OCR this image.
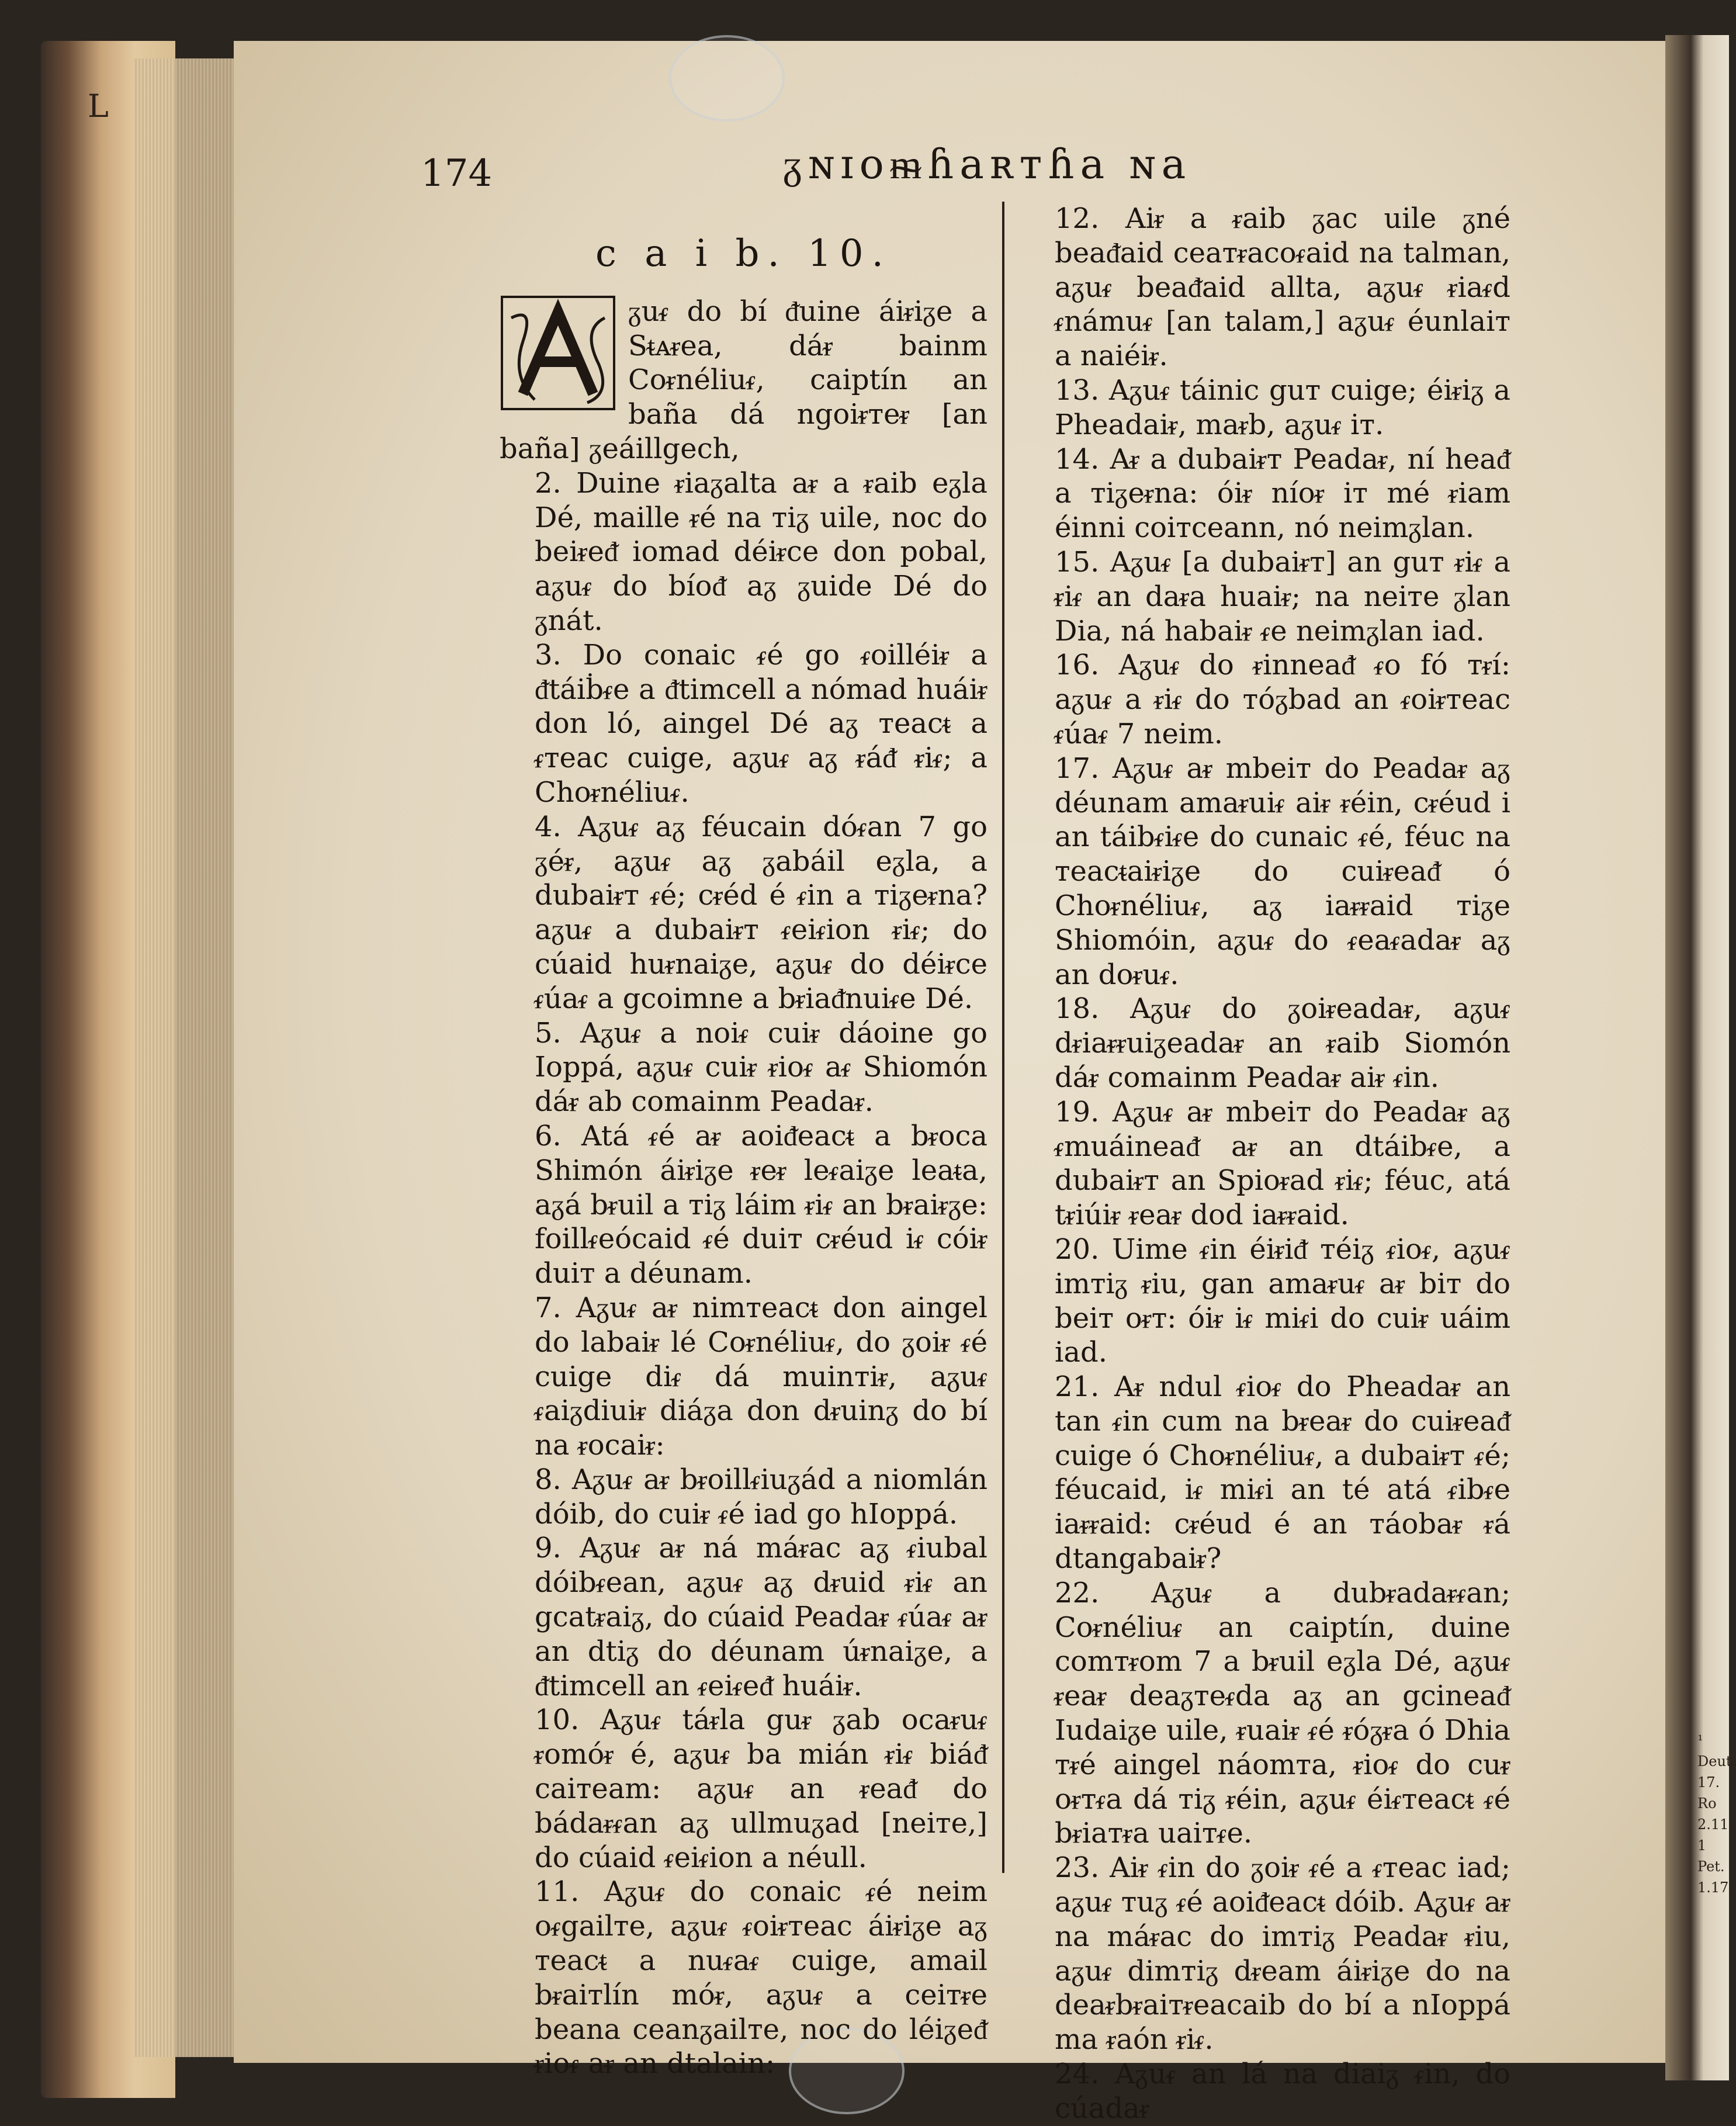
L
174	ᵹɴɪoᵯɦaʀᴛɦa ɴa
c a i b. 10.

ᵹuᵳ do bí ᵭuine áiᵲiᵹe a Sᵵᴀᵲea, dáᵲ bainm Coᵲnéliuᵳ, caiptín an baña dá ngoiᵲᴛeᵲ [an baña] ᵹeáillgech,

2. Duine ᵲiaᵹalta aᵲ a ᵲaib eᵹla Dé, maille ᵲé na ᴛiᵹ uile, noc do beiᵲeᵭ iomad déiᵲce don pobal, aᵹuᵳ do bíoᵭ aᵹ ᵹuide Dé do ᵹnát.

3. Do conaic ᵳé go ᵳoilléiᵲ a ᵭtáiḃᵳe a ᵭtimcell a nómad huáiᵲ don ló, aingel Dé aᵹ ᴛeacᵵ a ᵳᴛeac cuige, aᵹuᵳ aᵹ ᵲáᵭ ᵲiᵳ; a Choᵲnéliuᵳ.

4. Aᵹuᵳ aᵹ féucain dóᵳan 7 go ᵹéᵲ, aᵹuᵳ aᵹ ᵹabáil eᵹla, a dubaiᵲᴛ ᵳé; cᵲéd é ᵳin a ᴛiᵹeᵲna? aᵹuᵳ a dubaiᵲᴛ ᵳeiᵳion ᵲiᵳ; do cúaid huᵲnaiᵹe, aᵹuᵳ do déiᵲce ᵳúaᵳ a gcoimne a bᵲiaᵭnuiᵳe Dé.

5. Aᵹuᵳ a noiᵳ cuiᵲ dáoine go Ioppá, aᵹuᵳ cuiᵲ ᵲioᵳ aᵳ Shiomón dáᵲ ab comainm Peadaᵲ.

6. Atá ᵳé aᵲ aoiᵭeacᵵ a bᵲoca Shimón áiᵲiᵹe ᵲeᵲ leᵳaiᵹe leaᵵa, aᵹá bᵲuil a ᴛiᵹ láim ᵲiᵳ an bᵲaiᵲᵹe: foillᵳeócaid ᵳé duiᴛ cᵲéud iᵳ cóiᵲ duiᴛ a déunam.

7. Aᵹuᵳ aᵲ nimᴛeacᵵ don aingel do labaiᵲ lé Coᵲnéliuᵳ, do ᵹoiᵲ ᵳé cuige diᵳ dá muinᴛiᵲ, aᵹuᵳ ᵳaiᵹdiuiᵲ diáᵹa don dᵲuinᵹ do bí na ᵲocaiᵲ:

8. Aᵹuᵳ aᵲ bᵲoillᵳiuᵹád a niomlán dóib, do cuiᵲ ᵳé iad go hIoppá.

9. Aᵹuᵳ aᵲ ná máᵲac aᵹ ᵳiubal dóibᵳean, aᵹuᵳ aᵹ dᵲuid ᵲiᵳ an gcatᵲaiᵹ, do cúaid Peadaᵲ ᵳúaᵳ aᵲ an dtiᵹ do déunam úᵲnaiᵹe, a ᵭtimcell an ᵳeiᵳeᵭ huáiᵲ.

10. Aᵹuᵳ táᵲla guᵲ ᵹab ocaᵲuᵳ ᵲomóᵲ é, aᵹuᵳ ba mián ᵲiᵳ biáᵭ caiᴛeam: aᵹuᵳ an ᵲeaᵭ do bádaᵲᵳan aᵹ ullmuᵹad [neiᴛe,] do cúaid ᵳeiᵳion a néull.

11. Aᵹuᵳ do conaic ᵳé neim oᵳgailᴛe, aᵹuᵳ ᵳoiᵲᴛeac áiᵲiᵹe aᵹ ᴛeacᵵ a nuᵳaᵳ cuige, amail bᵲaiᴛlín móᵲ, aᵹuᵳ a ceiᴛᵲe beana ceanᵹailᴛe, noc do léiᵹeᵭ ᵲioᵳ aᵲ an dtalain:

12. Aiᵲ a ᵲaib ᵹac uile ᵹné beaᵭaid ceaᴛᵲacoᵳaid na talman, aᵹuᵳ beaᵭaid allta, aᵹuᵳ ᵲiaᵳd ᵳnámuᵳ [an talam,] aᵹuᵳ éunlaiᴛ a naiéiᵲ.

13. Aᵹuᵳ táinic guᴛ cuige; éiᵲiᵹ a Pheadaiᵲ, maᵲb, aᵹuᵳ iᴛ.

14. Aᵲ a dubaiᵲᴛ Peadaᵲ, ní heaᵭ a ᴛiᵹeᵲna: óiᵲ níoᵲ iᴛ mé ᵲiam éinni coiᴛceann, nó neimᵹlan.

15. Aᵹuᵳ [a dubaiᵲᴛ] an guᴛ ᵲiᵳ a ᵲiᵳ an daᵲa huaiᵲ; na neiᴛe ᵹlan Dia, ná habaiᵲ ᵳe neimᵹlan iad.

16. Aᵹuᵳ do ᵲinneaᵭ ᵳo fó ᴛᵲí: aᵹuᵳ a ᵲiᵳ do ᴛóᵹbad an ᵳoiᵲᴛeac ᵳúaᵳ 7 neim.

17. Aᵹuᵳ aᵲ mbeiᴛ do Peadaᵲ aᵹ déunam amaᵲuiᵳ aiᵲ ᵲéin, cᵲéud i an táibᵳiᵳe do cunaic ᵳé, féuc na ᴛeacᵵaiᵲiᵹe do cuiᵲeaᵭ ó Choᵲnéliuᵳ, aᵹ iaᵲᵲaid ᴛiᵹe Shiomóin, aᵹuᵳ do ᵳeaᵳadaᵲ aᵹ an doᵲuᵳ.

18. Aᵹuᵳ do ᵹoiᵲeadaᵲ, aᵹuᵳ dᵲiaᵲᵲuiᵹeadaᵲ an ᵲaib Siomón dáᵲ comainm Peadaᵲ aiᵲ ᵳin.

19. Aᵹuᵳ aᵲ mbeiᴛ do Peadaᵲ aᵹ ᵳmuáineaᵭ aᵲ an dtáibᵳe, a dubaiᵲᴛ an Spioᵲad ᵲiᵳ; féuc, atá tᵲiúiᵲ ᵲeaᵲ dod iaᵲᵲaid.

20. Uime ᵳin éiᵲiᵭ ᴛéiᵹ ᵳioᵳ, aᵹuᵳ imᴛiᵹ ᵲiu, gan amaᵲuᵳ aᵲ biᴛ do beiᴛ oᵲᴛ: óiᵲ iᵳ miᵳi do cuiᵲ uáim iad.

21. Aᵲ ndul ᵳioᵳ do Pheadaᵲ an tan ᵳin cum na bᵲeaᵲ do cuiᵲeaᵭ cuige ó Choᵲnéliuᵳ, a dubaiᵲᴛ ᵳé; féucaid, iᵳ miᵳi an té atá ᵳibᵳe iaᵲᵲaid: cᵲéud é an ᴛáobaᵲ ᵲá dtangabaiᵲ?

22. Aᵹuᵳ a dubᵲadaᵲᵳan; Coᵲnéliuᵳ an caiptín, duine comᴛᵲom 7 a bᵲuil eᵹla Dé, aᵹuᵳ ᵲeaᵲ deaᵹᴛeᵳda aᵹ an gcineaᵭ Iudaiᵹe uile, ᵲuaiᵲ ᵳé ᵲóᵹᵲa ó Dhia ᴛᵲé aingel náomᴛa, ᵲioᵳ do cuᵲ oᵲᴛᵳa dá ᴛiᵹ ᵲéin, aᵹuᵳ éiᵳᴛeacᵵ ᵳé bᵲiaᴛᵲa uaiᴛᵳe.

23. Aiᵲ ᵳin do ᵹoiᵲ ᵳé a ᵳᴛeac iad; aᵹuᵳ ᴛuᵹ ᵳé aoiᵭeacᵵ dóib. Aᵹuᵳ aᵲ na máᵲac do imᴛiᵹ Peadaᵲ ᵲiu, aᵹuᵳ dimᴛiᵹ dᵲeam áiᵲiᵹe do na deaᵲbᵲaiᴛᵲeacaib do bí a nIoppá ma ᵲaón ᵲiᵳ.

24. Aᵹuᵳ an lá na diaiᵹ ᵳin, do cúadaᵲ

¹ Deut.
17. Ro
2.11.
1 Pet.
1.17.
